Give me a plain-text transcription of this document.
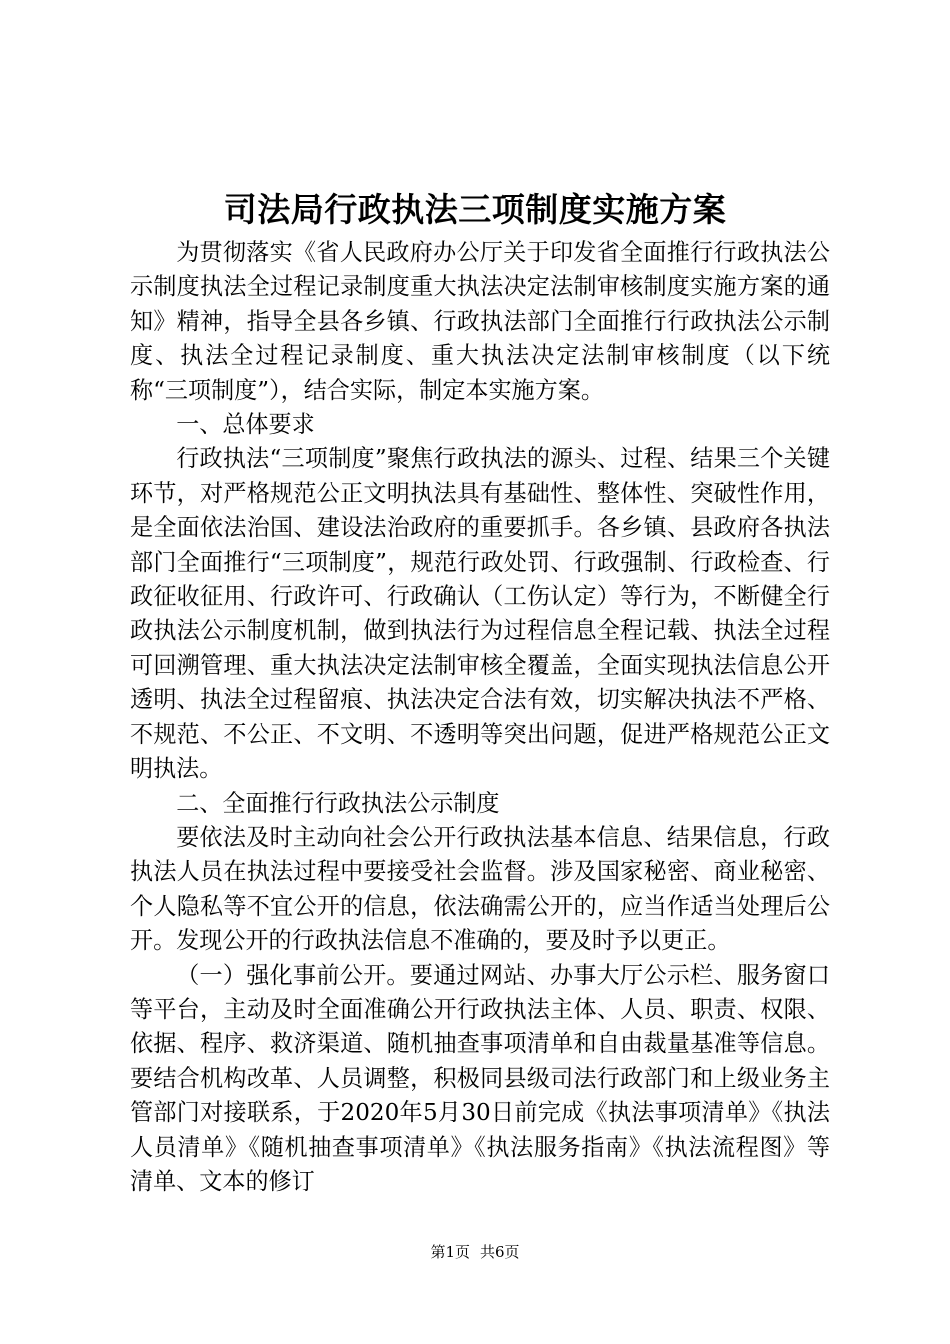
司法局行政执法三项制度实施方案

为贯彻落实《省人民政府办公厅关于印发省全面推行行政执法公示制度执法全过程记录制度重大执法决定法制审核制度实施方案的通知》精神，指导全县各乡镇、行政执法部门全面推行行政执法公示制度、执法全过程记录制度、重大执法决定法制审核制度（以下统称“三项制度”），结合实际，制定本实施方案。

一、总体要求

行政执法“三项制度”聚焦行政执法的源头、过程、结果三个关键环节，对严格规范公正文明执法具有基础性、整体性、突破性作用，是全面依法治国、建设法治政府的重要抓手。各乡镇、县政府各执法部门全面推行“三项制度”，规范行政处罚、行政强制、行政检查、行政征收征用、行政许可、行政确认（工伤认定）等行为，不断健全行政执法公示制度机制，做到执法行为过程信息全程记载、执法全过程可回溯管理、重大执法决定法制审核全覆盖，全面实现执法信息公开透明、执法全过程留痕、执法决定合法有效，切实解决执法不严格、不规范、不公正、不文明、不透明等突出问题，促进严格规范公正文明执法。

二、全面推行行政执法公示制度

要依法及时主动向社会公开行政执法基本信息、结果信息，行政执法人员在执法过程中要接受社会监督。涉及国家秘密、商业秘密、个人隐私等不宜公开的信息，依法确需公开的，应当作适当处理后公开。发现公开的行政执法信息不准确的，要及时予以更正。

（一）强化事前公开。要通过网站、办事大厅公示栏、服务窗口等平台，主动及时全面准确公开行政执法主体、人员、职责、权限、依据、程序、救济渠道、随机抽查事项清单和自由裁量基准等信息。要结合机构改革、人员调整，积极同县级司法行政部门和上级业务主管部门对接联系，于2020年5月30日前完成《执法事项清单》《执法人员清单》《随机抽查事项清单》《执法服务指南》《执法流程图》等清单、文本的修订

第1页 共6页
